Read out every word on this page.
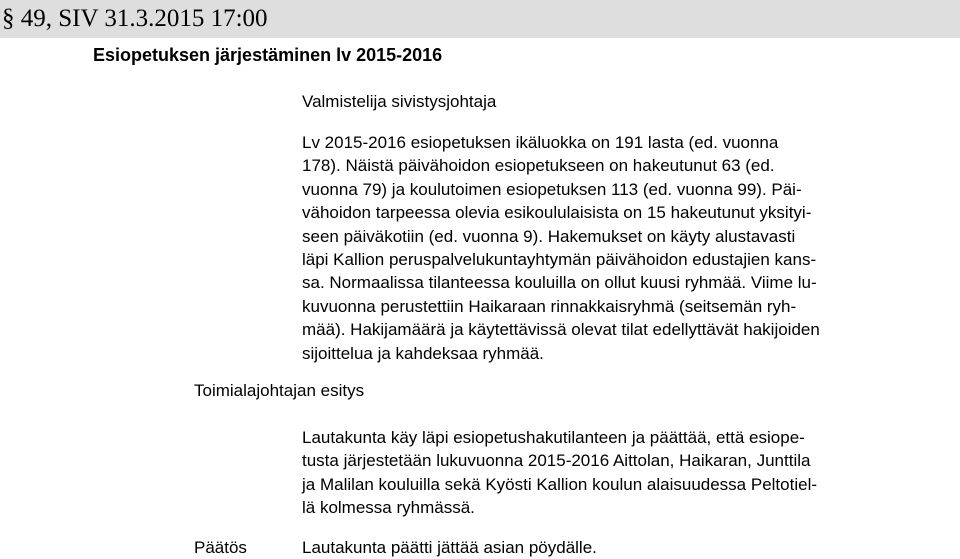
§ 49, SIV 31.3.2015 17:00
Esiopetuksen järjestäminen lv 2015-2016
Valmistelija sivistysjohtaja
Lv 2015-2016 esiopetuksen ikäluokka on 191 lasta (ed. vuonna
178). Näistä päivähoidon esiopetukseen on hakeutunut 63 (ed.
vuonna 79) ja koulutoimen esiopetuksen 113 (ed. vuonna 99). Päi-
vähoidon tarpeessa olevia esikoululaisista on 15 hakeutunut yksityi-
seen päiväkotiin (ed. vuonna 9). Hakemukset on käyty alustavasti
läpi Kallion peruspalvelukuntayhtymän päivähoidon edustajien kans-
sa. Normaalissa tilanteessa kouluilla on ollut kuusi ryhmää. Viime lu-
kuvuonna perustettiin Haikaraan rinnakkaisryhmä (seitsemän ryh-
mää). Hakijamäärä ja käytettävissä olevat tilat edellyttävät hakijoiden
sijoittelua ja kahdeksaa ryhmää.
Toimialajohtajan esitys
Lautakunta käy läpi esiopetushakutilanteen ja päättää, että esiope-
tusta järjestetään lukuvuonna 2015-2016 Aittolan, Haikaran, Junttila
ja Malilan kouluilla sekä Kyösti Kallion koulun alaisuudessa Peltotiel-
lä kolmessa ryhmässä.
Päätös	Lautakunta päätti jättää asian pöydälle.
